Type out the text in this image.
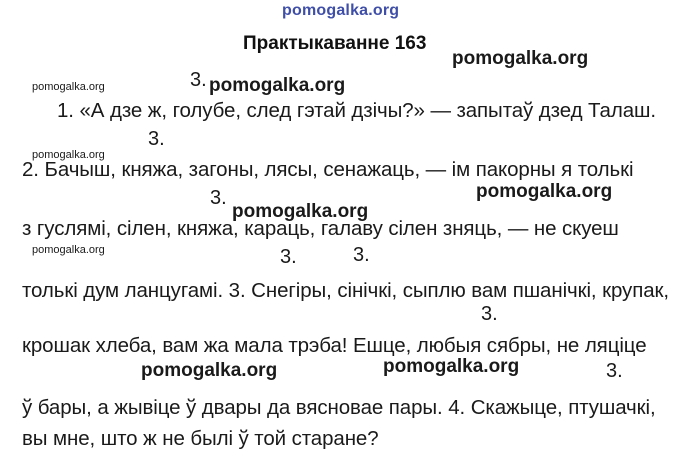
pomogalka.org
Практыкаванне 163
pomogalka.org
pomogalka.org	3. pomogalka.org
1. «А дзе ж, голубе, след гэтай дзічы?» — запытаў дзед Талаш.
3.
pomogalka.org
2. Бачыш, княжа, загоны, лясы, сенажаць, — ім пакорны я толькі
pomogalka.org
3.
pomogalka.org
з гуслямі, сілен, княжа, караць, галаву сілен зняць, — не скуеш
pomogalka.org	3.	3.
толькі дум ланцугамі. 3. Снегіры, сінічкі, сыплю вам пшанічкі, крупак,
3.
крошак хлеба, вам жа мала трэба! Ешце, любыя сябры, не ляціце
pomogalka.org	pomogalka.org	3.
ў бары, а жывіце ў двары да вясновае пары. 4. Скажыце, птушачкі,
вы мне, што ж не былі ў той старане?
